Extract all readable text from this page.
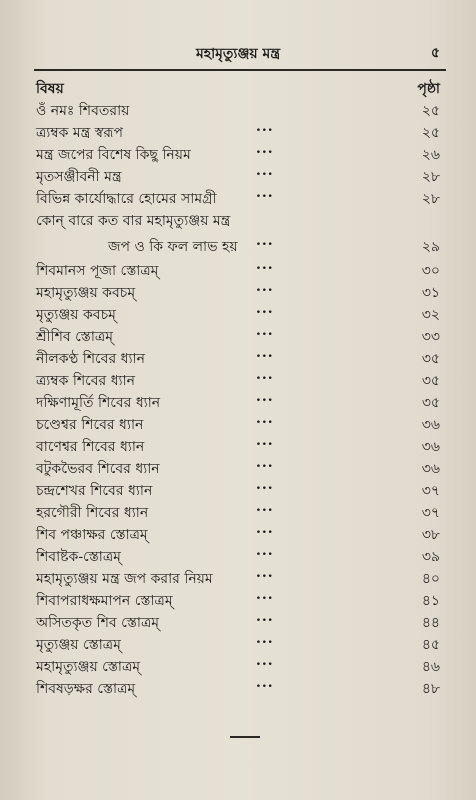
মহামৃত্যুঞ্জয় মন্ত্র	৫
বিষয়	পৃষ্ঠা
ওঁ নমঃ শিবতরায়	২৫
ত্র্যম্বক মন্ত্র স্বরূপ	...	২৫
মন্ত্র জপের বিশেষ কিছু নিয়ম	...	২৬
মৃতসঞ্জীবনী মন্ত্র	...	২৮
বিভিন্ন কার্যোদ্ধারে হোমের সামগ্রী	...	২৮
কোন্ বারে কত বার মহামৃত্যুঞ্জয় মন্ত্র
জপ ও কি ফল লাভ হয় ...	২৯
শিবমানস পূজা স্তোত্রম্	...	৩০
মহামৃত্যুঞ্জয় কবচম্	...	৩১
মৃত্যুঞ্জয় কবচম্	...	৩২
শ্রীশিব স্তোত্রম্	...	৩৩
নীলকণ্ঠ শিবের ধ্যান	...	৩৫
ত্র্যম্বক শিবের ধ্যান	...	৩৫
দক্ষিণামূর্তি শিবের ধ্যান	...	৩৫
চণ্ডেশ্বর শিবের ধ্যান	...	৩৬
বাণেশ্বর শিবের ধ্যান	...	৩৬
বটুকভৈরব শিবের ধ্যান	...	৩৬
চন্দ্রশেখর শিবের ধ্যান	...	৩৭
হরগৌরী শিবের ধ্যান	...	৩৭
শিব পঞ্চাক্ষর স্তোত্রম্	...	৩৮
শিবাষ্টক-স্তোত্রম্	...	৩৯
মহামৃত্যুঞ্জয় মন্ত্র জপ করার নিয়ম	...	৪০
শিবাপরাধক্ষমাপন স্তোত্রম্	...	৪১
অসিতকৃত শিব স্তোত্রম্	...	৪৪
মৃত্যুঞ্জয় স্তোত্রম্	...	৪৫
মহামৃত্যুঞ্জয় স্তোত্রম্	...	৪৬
শিবষড়ক্ষর স্তোত্রম্	...	৪৮
